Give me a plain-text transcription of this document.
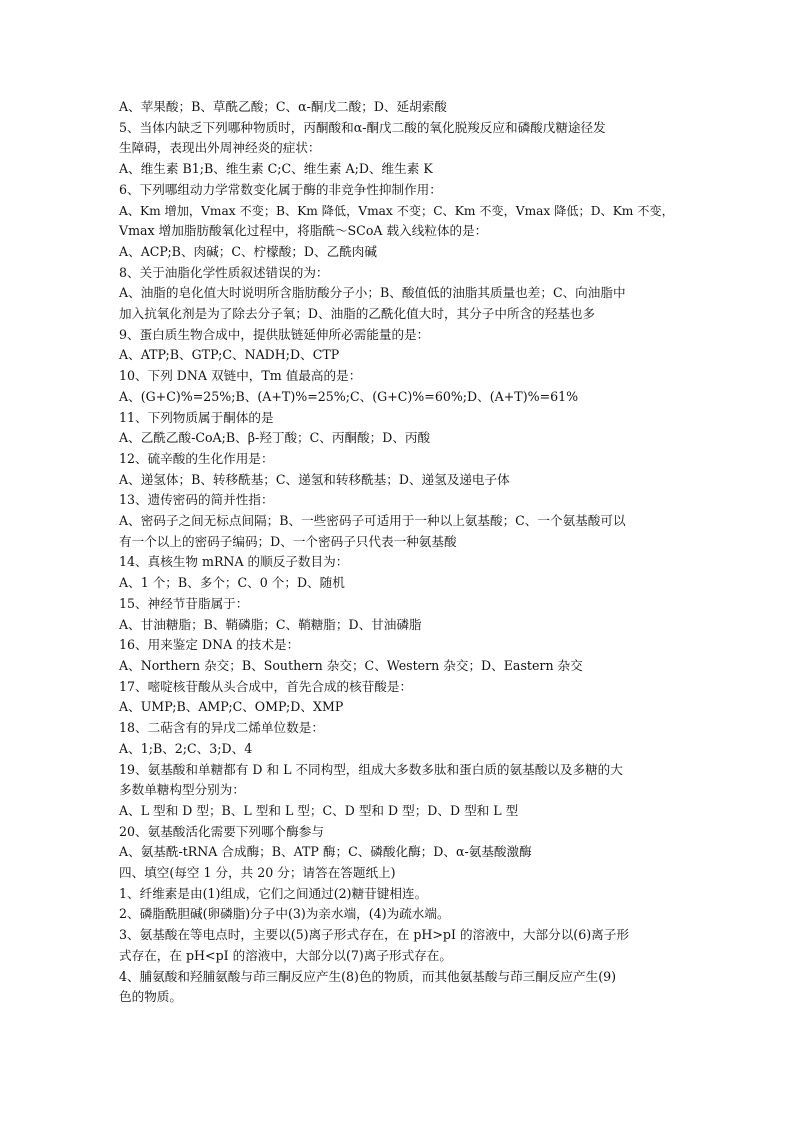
A、苹果酸；B、草酰乙酸；C、α-酮戊二酸；D、延胡索酸
5、当体内缺乏下列哪种物质时，丙酮酸和α-酮戊二酸的氧化脱羧反应和磷酸戊糖途径发
生障碍，表现出外周神经炎的症状：
A、维生素 B1;B、维生素 C;C、维生素 A;D、维生素 K
6、下列哪组动力学常数变化属于酶的非竞争性抑制作用：
A、Km 增加，Vmax 不变；B、Km 降低，Vmax 不变；C、Km 不变，Vmax 降低；D、Km 不变，
Vmax 增加脂肪酸氧化过程中，将脂酰～SCoA 载入线粒体的是：
A、ACP;B、肉碱；C、柠檬酸；D、乙酰肉碱
8、关于油脂化学性质叙述错误的为：
A、油脂的皂化值大时说明所含脂肪酸分子小；B、酸值低的油脂其质量也差；C、向油脂中
加入抗氧化剂是为了除去分子氧；D、油脂的乙酰化值大时，其分子中所含的羟基也多
9、蛋白质生物合成中，提供肽链延伸所必需能量的是：
A、ATP;B、GTP;C、NADH;D、CTP
10、下列 DNA 双链中，Tm 值最高的是：
A、(G+C)%=25%;B、(A+T)%=25%;C、(G+C)%=60%;D、(A+T)%=61%
11、下列物质属于酮体的是
A、乙酰乙酸-CoA;B、β-羟丁酸；C、丙酮酸；D、丙酸
12、硫辛酸的生化作用是：
A、递氢体；B、转移酰基；C、递氢和转移酰基；D、递氢及递电子体
13、遗传密码的简并性指：
A、密码子之间无标点间隔；B、一些密码子可适用于一种以上氨基酸；C、一个氨基酸可以
有一个以上的密码子编码；D、一个密码子只代表一种氨基酸
14、真核生物 mRNA 的顺反子数目为：
A、1 个；B、多个；C、0 个；D、随机
15、神经节苷脂属于：
A、甘油糖脂；B、鞘磷脂；C、鞘糖脂；D、甘油磷脂
16、用来鉴定 DNA 的技术是：
A、Northern 杂交；B、Southern 杂交；C、Western 杂交；D、Eastern 杂交
17、嘧啶核苷酸从头合成中，首先合成的核苷酸是：
A、UMP;B、AMP;C、OMP;D、XMP
18、二萜含有的异戊二烯单位数是：
A、1;B、2;C、3;D、4
19、氨基酸和单糖都有 D 和 L 不同构型，组成大多数多肽和蛋白质的氨基酸以及多糖的大
多数单糖构型分别为：
A、L 型和 D 型；B、L 型和 L 型；C、D 型和 D 型；D、D 型和 L 型
20、氨基酸活化需要下列哪个酶参与
A、氨基酰-tRNA 合成酶；B、ATP 酶；C、磷酸化酶；D、α-氨基酸激酶
四、填空(每空 1 分，共 20 分；请答在答题纸上)
1、纤维素是由(1)组成，它们之间通过(2)糖苷键相连。
2、磷脂酰胆碱(卵磷脂)分子中(3)为亲水端，(4)为疏水端。
3、氨基酸在等电点时，主要以(5)离子形式存在，在 pH>pI 的溶液中，大部分以(6)离子形
式存在，在 pH<pI 的溶液中，大部分以(7)离子形式存在。
4、脯氨酸和羟脯氨酸与茚三酮反应产生(8)色的物质，而其他氨基酸与茚三酮反应产生(9)
色的物质。
